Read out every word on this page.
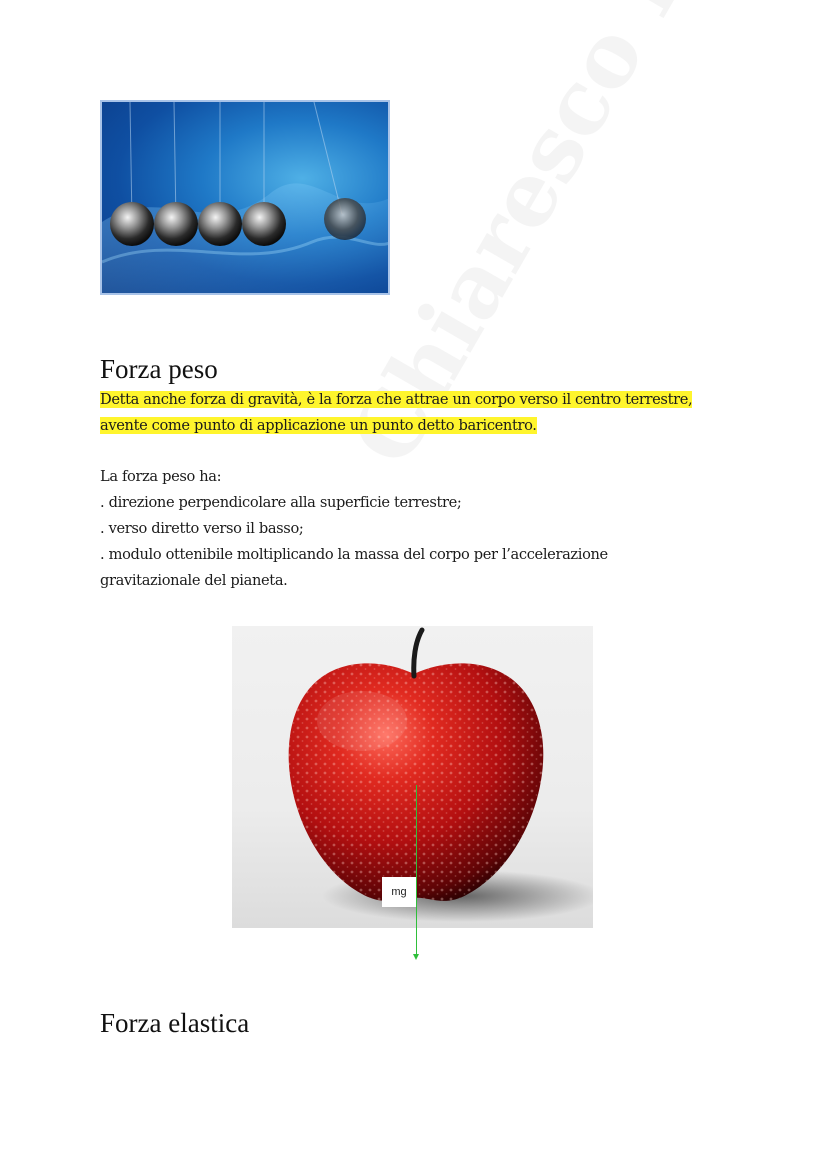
Forza peso
Detta anche forza di gravità, è la forza che attrae un corpo verso il centro terrestre,
avente come punto di applicazione un punto detto baricentro.
La forza peso ha:
. direzione perpendicolare alla superficie terrestre;
. verso diretto verso il basso;
. modulo ottenibile moltiplicando la massa del corpo per l’accelerazione
gravitazionale del pianeta.
mg
Forza elastica
